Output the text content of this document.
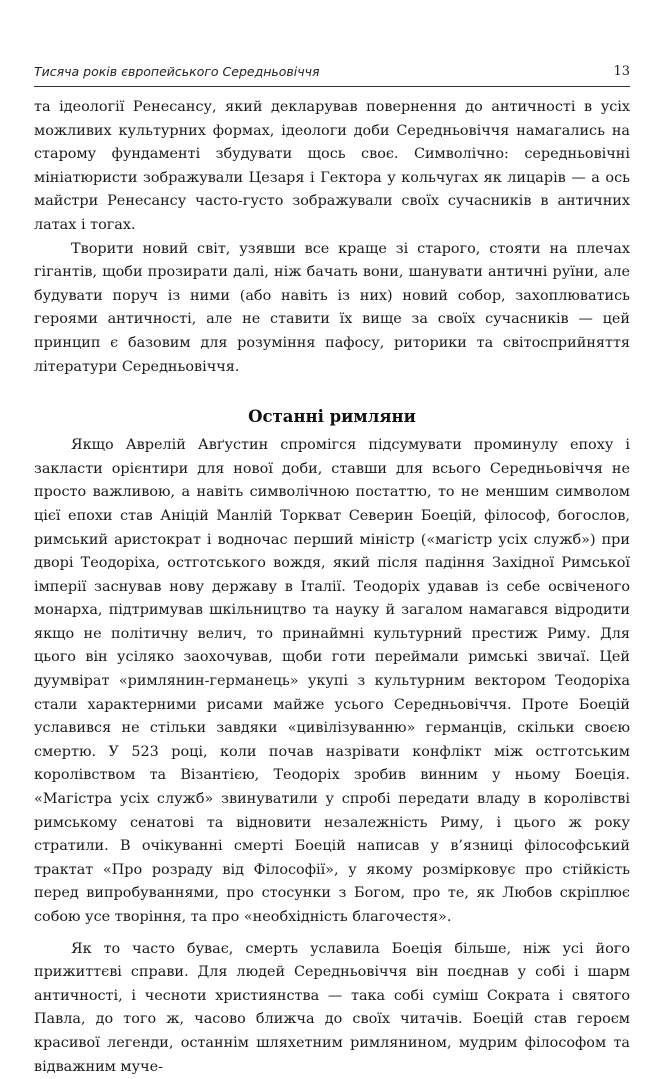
Тисяча років європейського Середньовіччя	13

та ідеології Ренесансу, який декларував повернення до античності в усіх можливих культурних формах, ідеологи доби Середньовіччя намагались на старому фундаменті збудувати щось своє. Символічно: середньовічні мініатюристи зображували Цезаря і Гектора у кольчугах як лицарів — а ось майстри Ренесансу часто-густо зображували своїх сучасників в античних латах і тогах.

Творити новий світ, узявши все краще зі старого, стояти на плечах гігантів, щоби прозирати далі, ніж бачать вони, шанувати античні руїни, але будувати поруч із ними (або навіть із них) новий собор, захоплюватись героями античності, але не ставити їх вище за своїх сучасників — цей принцип є базовим для розуміння пафосу, риторики та світосприйняття літератури Середньовіччя.

Останні римляни

Якщо Аврелій Авґустин спромігся підсумувати проминулу епоху і закласти орієнтири для нової доби, ставши для всього Середньовіччя не просто важливою, а навіть символічною постаттю, то не меншим символом цієї епохи став Аніцій Манлій Торкват Северин Боецій, філософ, богослов, римський аристократ і водночас перший міністр («магістр усіх служб») при дворі Теодоріха, остготського вождя, який після падіння Західної Римської імперії заснував нову державу в Італії. Теодоріх удавав із себе освіченого монарха, підтримував шкільництво та науку й загалом намагався відродити якщо не політичну велич, то принаймні культурний престиж Риму. Для цього він усіляко заохочував, щоби готи переймали римські звичаї. Цей дуумвірат «римлянин-германець» укупі з культурним вектором Теодоріха стали характерними рисами майже усього Середньовіччя. Проте Боецій уславився не стільки завдяки «цивілізуванню» германців, скільки своєю смертю. У 523 році, коли почав назрівати конфлікт між остготським королівством та Візантією, Теодоріх зробив винним у ньому Боеція. «Магістра усіх служб» звинуватили у спробі передати владу в королівстві римському сенатові та відновити незалежність Риму, і цього ж року стратили. В очікуванні смерті Боецій написав у в’язниці філософський трактат «Про розраду від Філософії», у якому розмірковує про стійкість перед випробуваннями, про стосунки з Богом, про те, як Любов скріплює собою усе творіння, та про «необхідність благочестя».

Як то часто буває, смерть уславила Боеція більше, ніж усі його прижиттєві справи. Для людей Середньовіччя він поєднав у собі і шарм античності, і чесноти християнства — така собі суміш Сократа і святого Павла, до того ж, часово ближча до своїх читачів. Боецій став героєм красивої легенди, останнім шляхетним римлянином, мудрим філософом та відважним муче-
